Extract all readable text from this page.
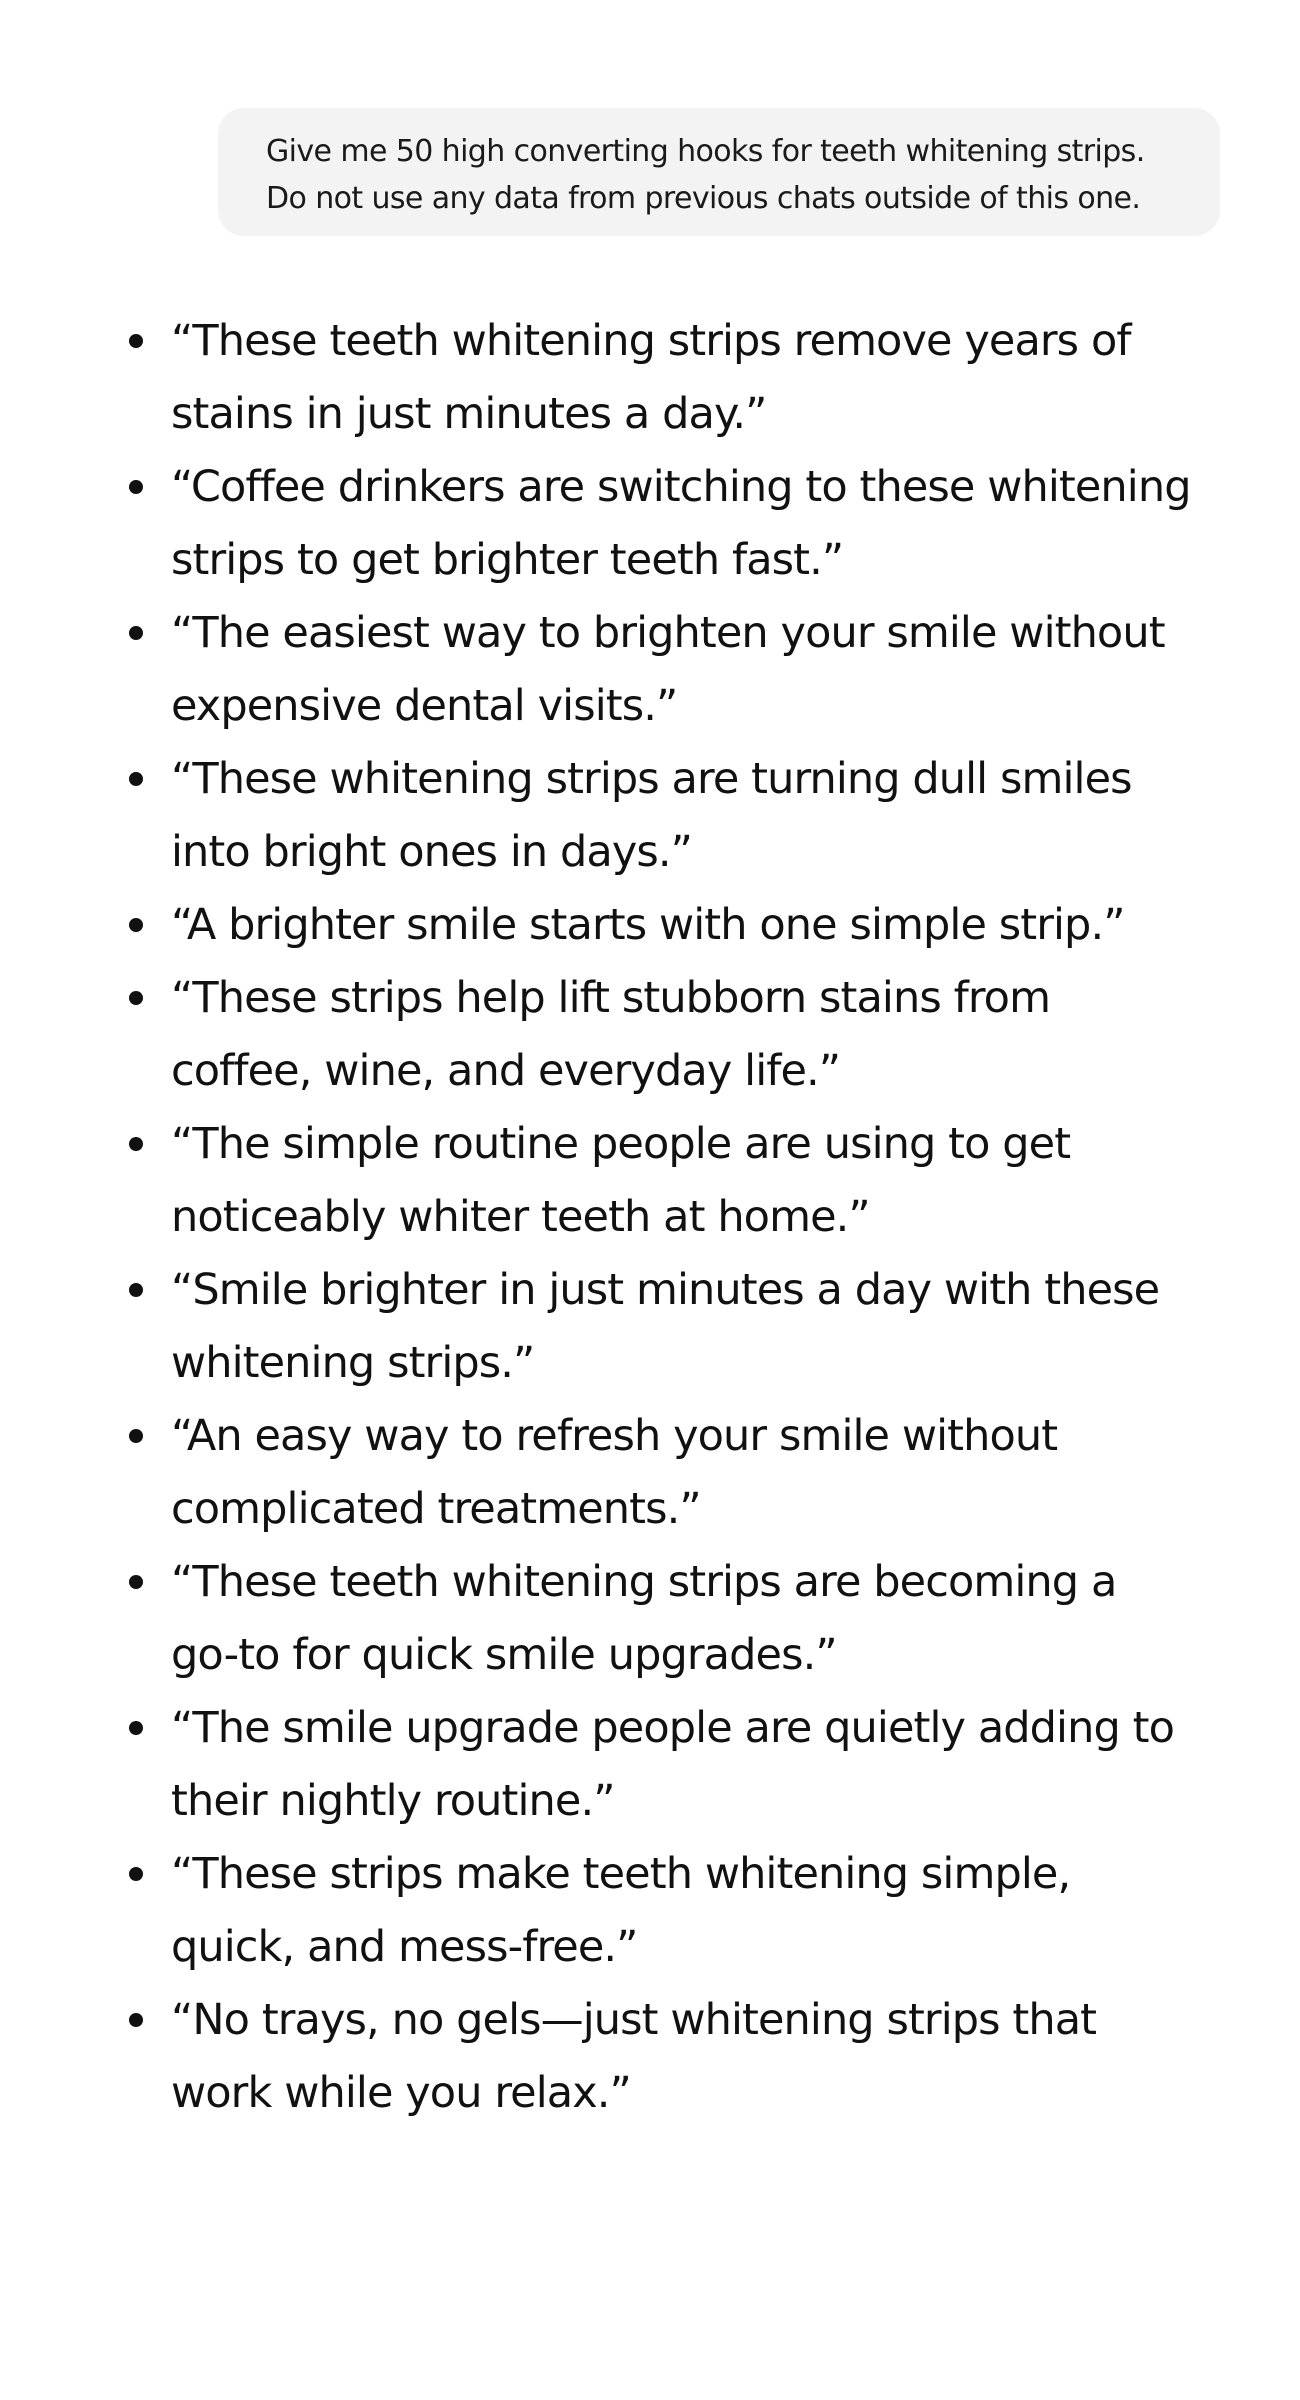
Give me 50 high converting hooks for teeth whitening strips.
Do not use any data from previous chats outside of this one.
“These teeth whitening strips remove years of stains in just minutes a day.”
“Coffee drinkers are switching to these whitening strips to get brighter teeth fast.”
“The easiest way to brighten your smile without expensive dental visits.”
“These whitening strips are turning dull smiles into bright ones in days.”
“A brighter smile starts with one simple strip.”
“These strips help lift stubborn stains from coffee, wine, and everyday life.”
“The simple routine people are using to get noticeably whiter teeth at home.”
“Smile brighter in just minutes a day with these whitening strips.”
“An easy way to refresh your smile without complicated treatments.”
“These teeth whitening strips are becoming a go-to for quick smile upgrades.”
“The smile upgrade people are quietly adding to their nightly routine.”
“These strips make teeth whitening simple, quick, and mess-free.”
“No trays, no gels—just whitening strips that work while you relax.”
